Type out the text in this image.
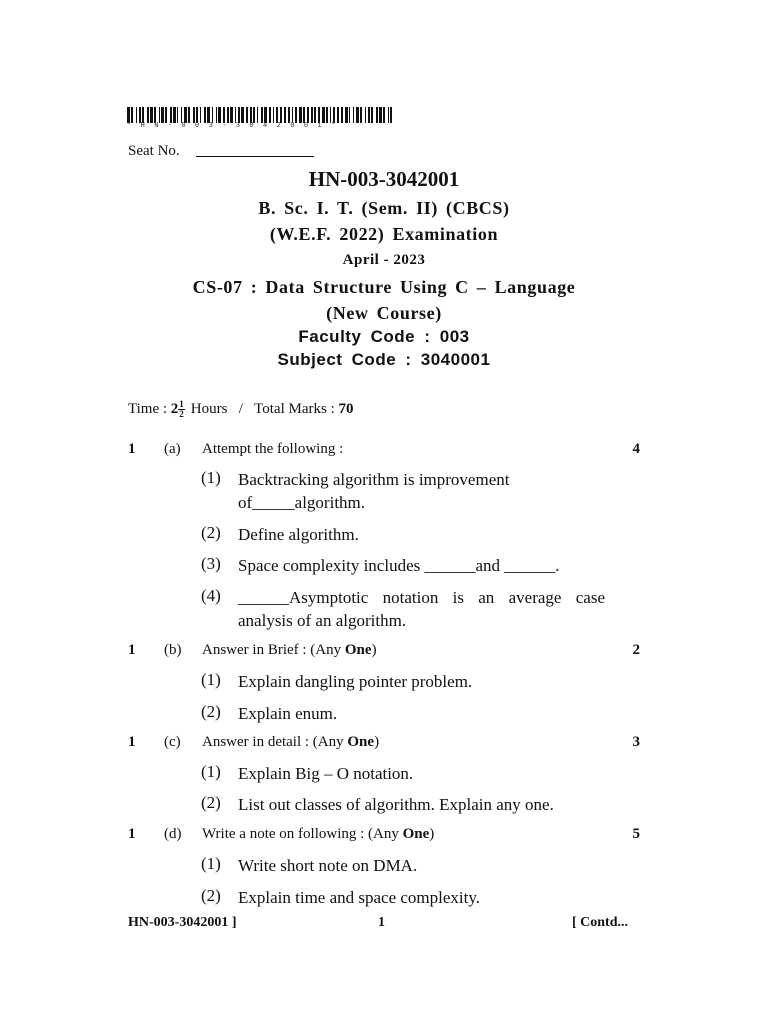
* H N - 0 0 3 - 3 0 4 2 0 0 1 *
Seat No.
HN-003-3042001
B. Sc. I. T. (Sem. II) (CBCS)
(W.E.F. 2022) Examination
April - 2023
CS-07 : Data Structure Using C – Language
(New Course)
Faculty Code : 003
Subject Code : 3040001
Time : $2 \frac{1}{2}$ Hours / Total Marks : 70
1 (a) Attempt the following :	4
(1) Backtracking algorithm is improvement
of_____algorithm.
(2) Define algorithm.
(3) Space complexity includes ______and ______.
(4) ______Asymptotic notation is an average case analysis of an algorithm.
1 (b) Answer in Brief : (Any One)	2
(1) Explain dangling pointer problem.
(2) Explain enum.
1 (c) Answer in detail : (Any One)	3
(1) Explain Big – O notation.
(2) List out classes of algorithm. Explain any one.
1 (d) Write a note on following : (Any One)	5
(1) Write short note on DMA.
(2) Explain time and space complexity.
HN-003-3042001 ]	1	[ Contd...
